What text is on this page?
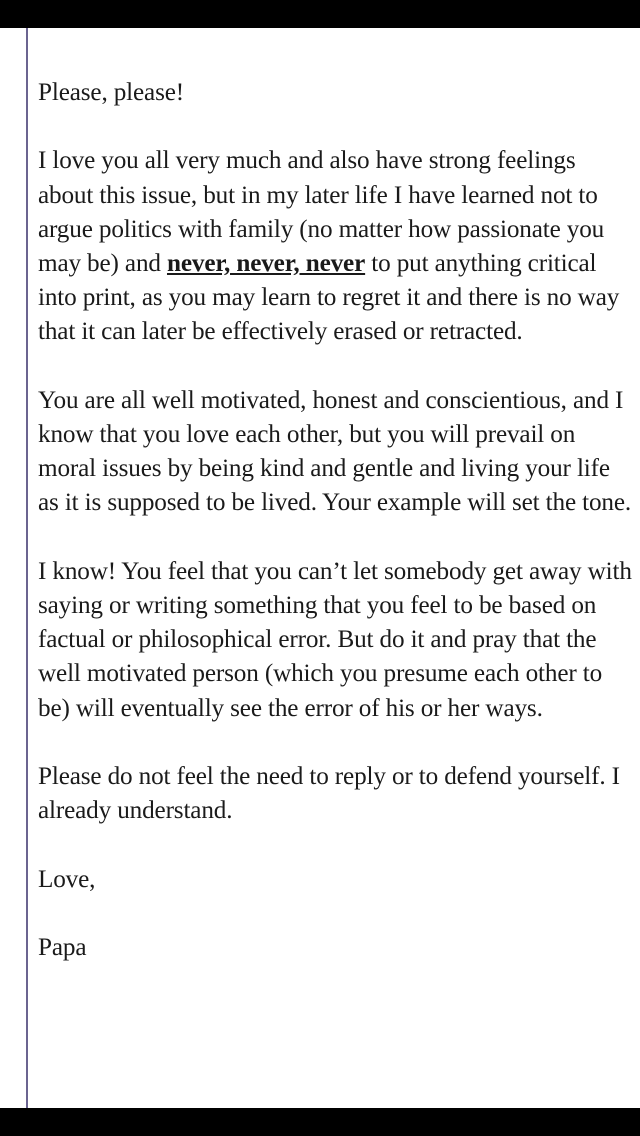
Please, please!

I love you all very much and also have strong feelings about this issue, but in my later life I have learned not to argue politics with family (no matter how passionate you may be) and never, never, never to put anything critical into print, as you may learn to regret it and there is no way that it can later be effectively erased or retracted.

You are all well motivated, honest and conscientious, and I know that you love each other, but you will prevail on moral issues by being kind and gentle and living your life as it is supposed to be lived. Your example will set the tone.

I know! You feel that you can’t let somebody get away with saying or writing something that you feel to be based on factual or philosophical error. But do it and pray that the well motivated person (which you presume each other to be) will eventually see the error of his or her ways.

Please do not feel the need to reply or to defend yourself. I already understand.

Love,

Papa
